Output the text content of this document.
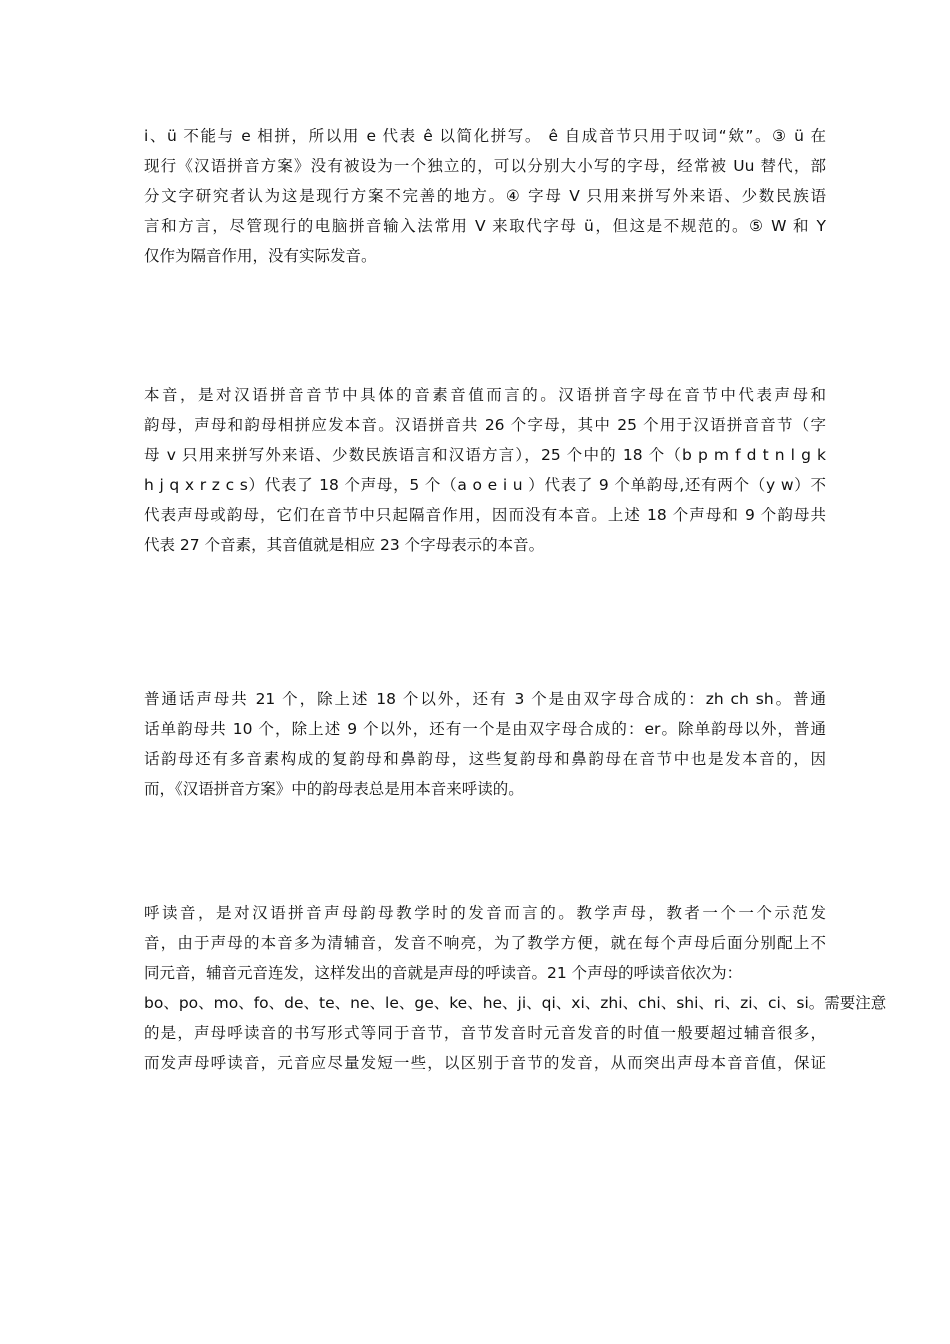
i、ü 不能与 e 相拼，所以用 e 代表 ê 以简化拼写。 ê 自成音节只用于叹词“欸”。③ ü 在
现行《汉语拼音方案》没有被设为一个独立的，可以分别大小写的字母，经常被 Uu 替代，部
分文字研究者认为这是现行方案不完善的地方。④ 字母 V 只用来拼写外来语、少数民族语
言和方言，尽管现行的电脑拼音输入法常用 V 来取代字母 ü，但这是不规范的。⑤ W 和 Y
仅作为隔音作用，没有实际发音。
本音，是对汉语拼音音节中具体的音素音值而言的。汉语拼音字母在音节中代表声母和
韵母，声母和韵母相拼应发本音。汉语拼音共 26 个字母，其中 25 个用于汉语拼音音节（字
母 v 只用来拼写外来语、少数民族语言和汉语方言），25 个中的 18 个（b p m f d t n l g k
h j q x r z c s）代表了 18 个声母，5 个（a o e i u ）代表了 9 个单韵母,还有两个（y w）不
代表声母或韵母，它们在音节中只起隔音作用，因而没有本音。上述 18 个声母和 9 个韵母共
代表 27 个音素，其音值就是相应 23 个字母表示的本音。
普通话声母共 21 个，除上述 18 个以外，还有 3 个是由双字母合成的：zh ch sh。普通
话单韵母共 10 个，除上述 9 个以外，还有一个是由双字母合成的：er。除单韵母以外，普通
话韵母还有多音素构成的复韵母和鼻韵母，这些复韵母和鼻韵母在音节中也是发本音的，因
而，《汉语拼音方案》中的韵母表总是用本音来呼读的。
呼读音，是对汉语拼音声母韵母教学时的发音而言的。教学声母，教者一个一个示范发
音，由于声母的本音多为清辅音，发音不响亮，为了教学方便，就在每个声母后面分别配上不
同元音，辅音元音连发，这样发出的音就是声母的呼读音。21 个声母的呼读音依次为：
bo、po、mo、fo、de、te、ne、le、ge、ke、he、ji、qi、xi、zhi、chi、shi、ri、zi、ci、si。需要注意
的是，声母呼读音的书写形式等同于音节，音节发音时元音发音的时值一般要超过辅音很多，
而发声母呼读音，元音应尽量发短一些，以区别于音节的发音，从而突出声母本音音值，保证
